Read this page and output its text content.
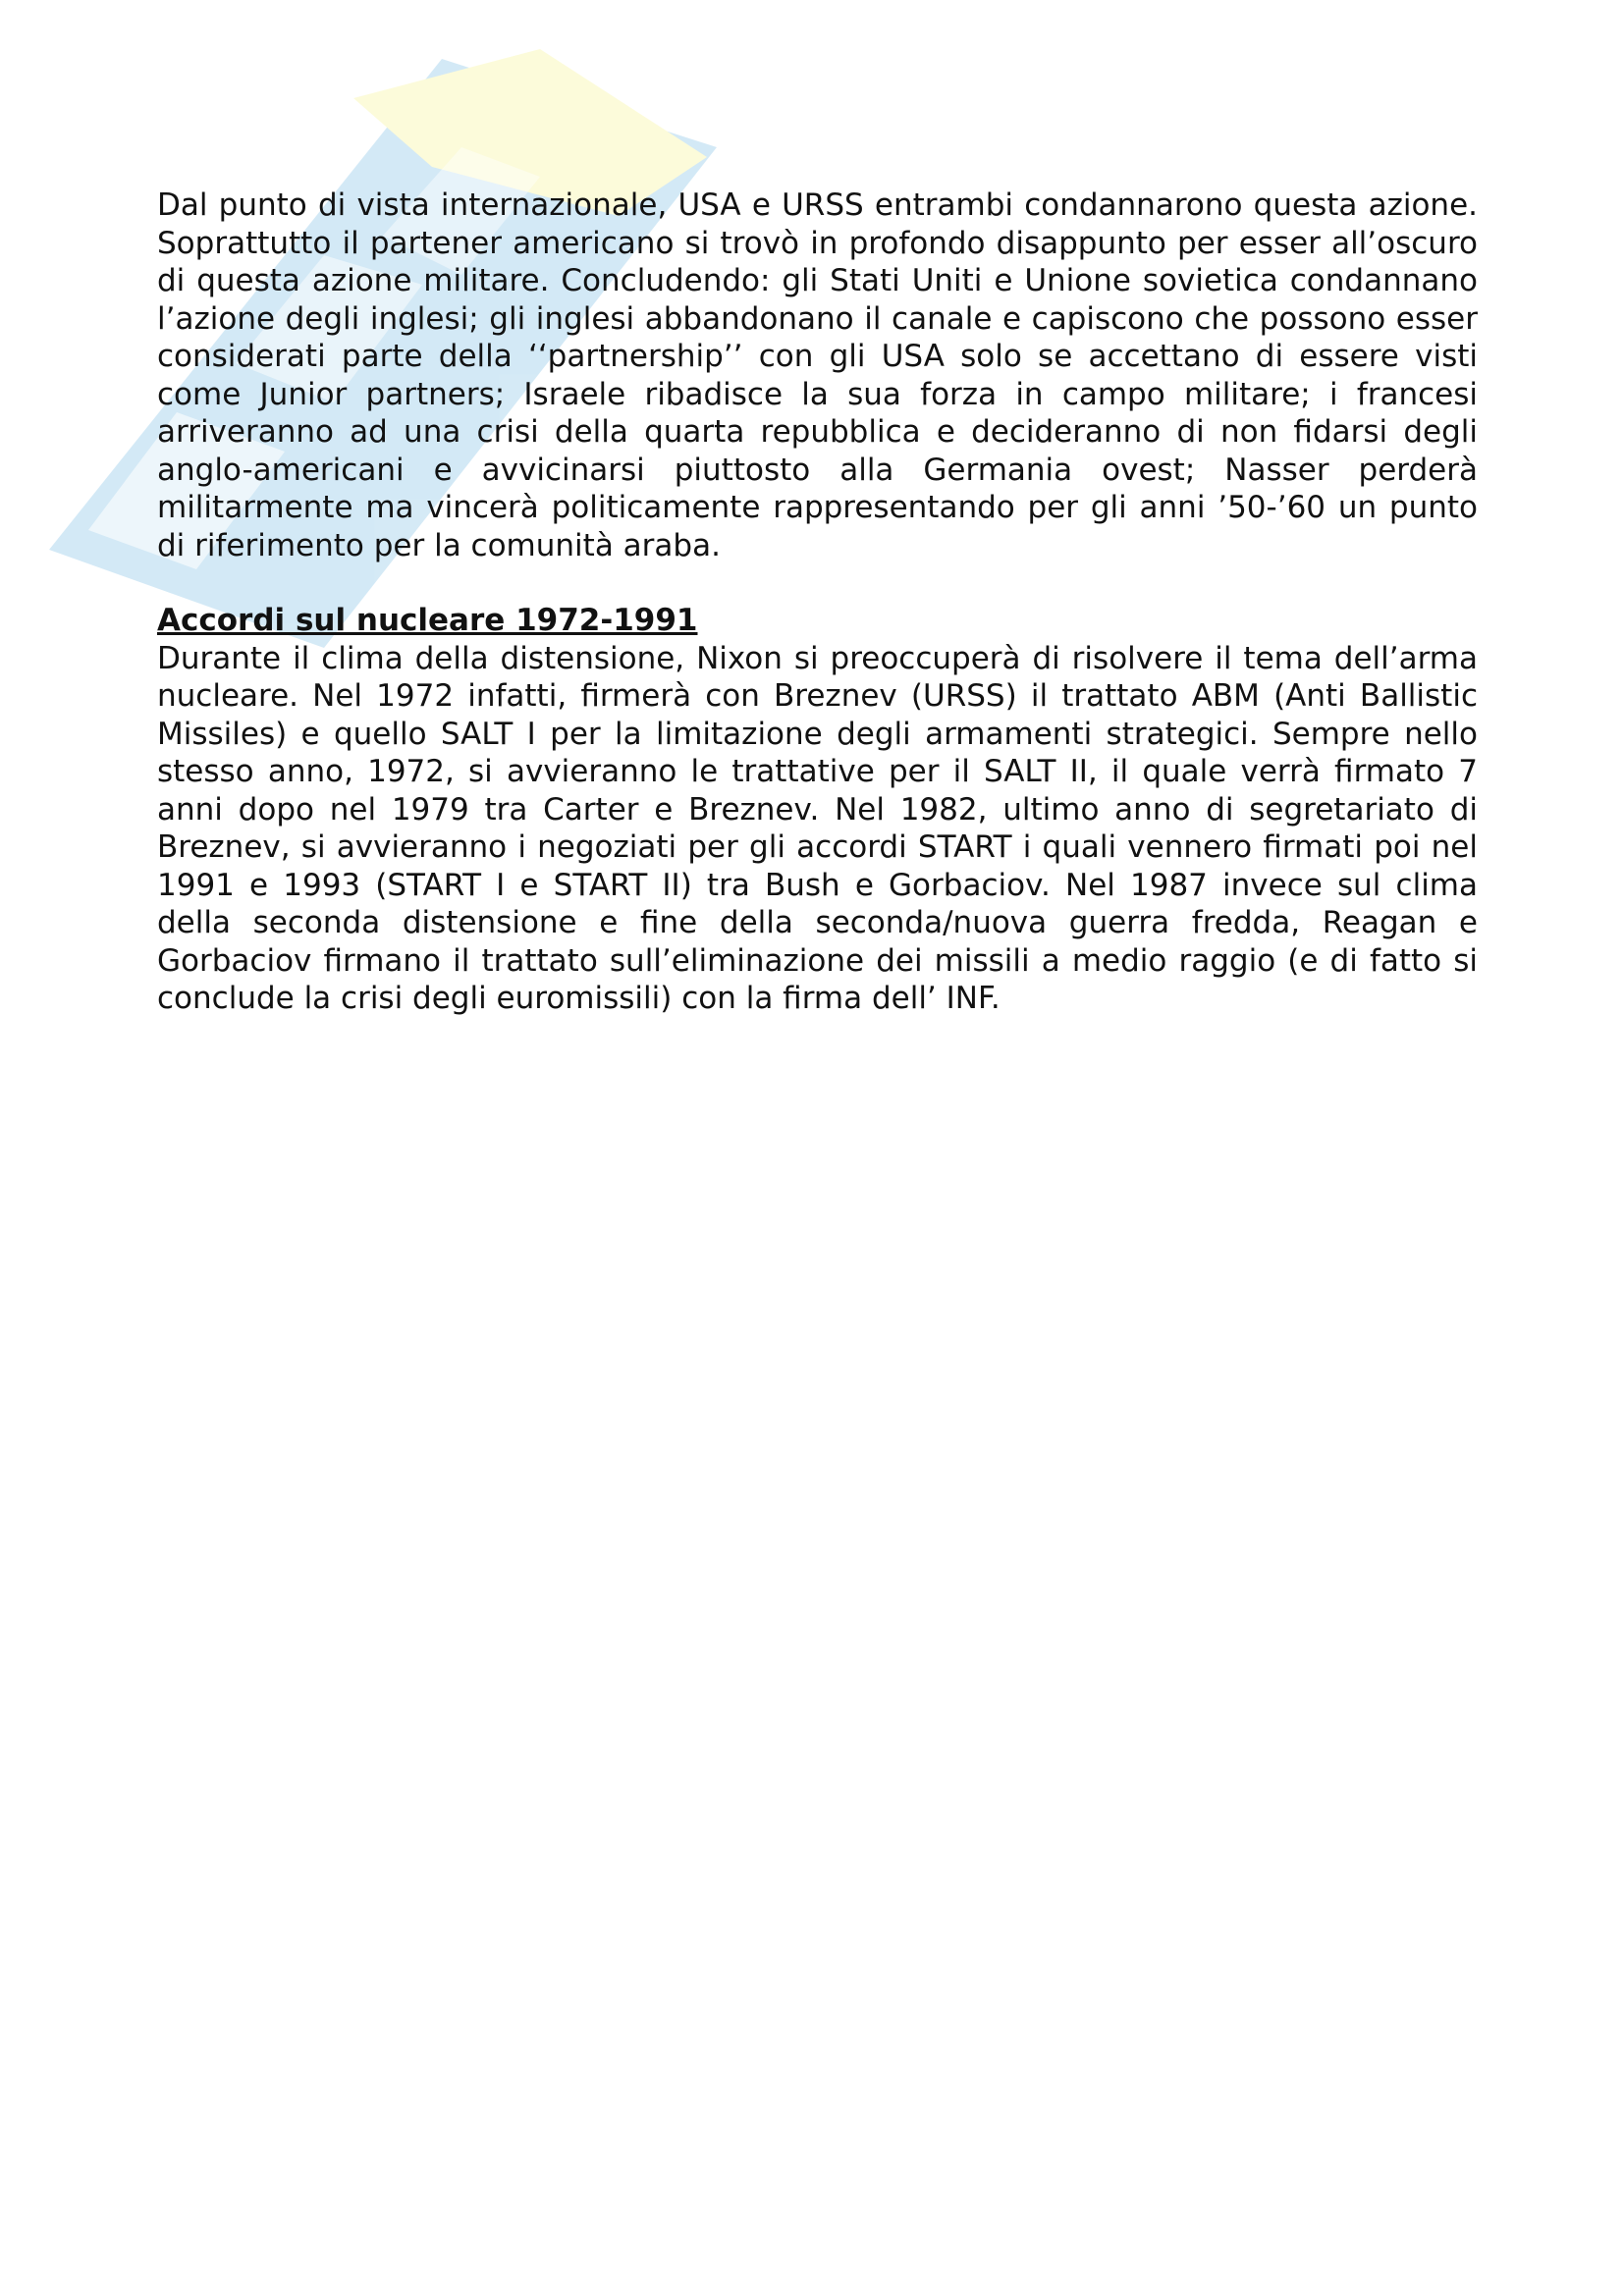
Dal punto di vista internazionale, USA e URSS entrambi condannarono questa azione. Soprattutto il partener americano si trovò in profondo disappunto per esser all’oscuro di questa azione militare. Concludendo: gli Stati Uniti e Unione sovietica condannano l’azione degli inglesi; gli inglesi abbandonano il canale e capiscono che possono esser considerati parte della ‘‘partnership’’ con gli USA solo se accettano di essere visti come Junior partners; Israele ribadisce la sua forza in campo militare; i francesi arriveranno ad una crisi della quarta repubblica e decideranno di non fidarsi degli anglo-americani e avvicinarsi piuttosto alla Germania ovest; Nasser perderà militarmente ma vincerà politicamente rappresentando per gli anni ’50-’60 un punto di riferimento per la comunità araba.

Accordi sul nucleare 1972-1991

Durante il clima della distensione, Nixon si preoccuperà di risolvere il tema dell’arma nucleare. Nel 1972 infatti, firmerà con Breznev (URSS) il trattato ABM (Anti Ballistic Missiles) e quello SALT I per la limitazione degli armamenti strategici. Sempre nello stesso anno, 1972, si avvieranno le trattative per il SALT II, il quale verrà firmato 7 anni dopo nel 1979 tra Carter e Breznev. Nel 1982, ultimo anno di segretariato di Breznev, si avvieranno i negoziati per gli accordi START i quali vennero firmati poi nel 1991 e 1993 (START I e START II) tra Bush e Gorbaciov. Nel 1987 invece sul clima della seconda distensione e fine della seconda/nuova guerra fredda, Reagan e Gorbaciov firmano il trattato sull’eliminazione dei missili a medio raggio (e di fatto si conclude la crisi degli euromissili) con la firma dell’ INF.
